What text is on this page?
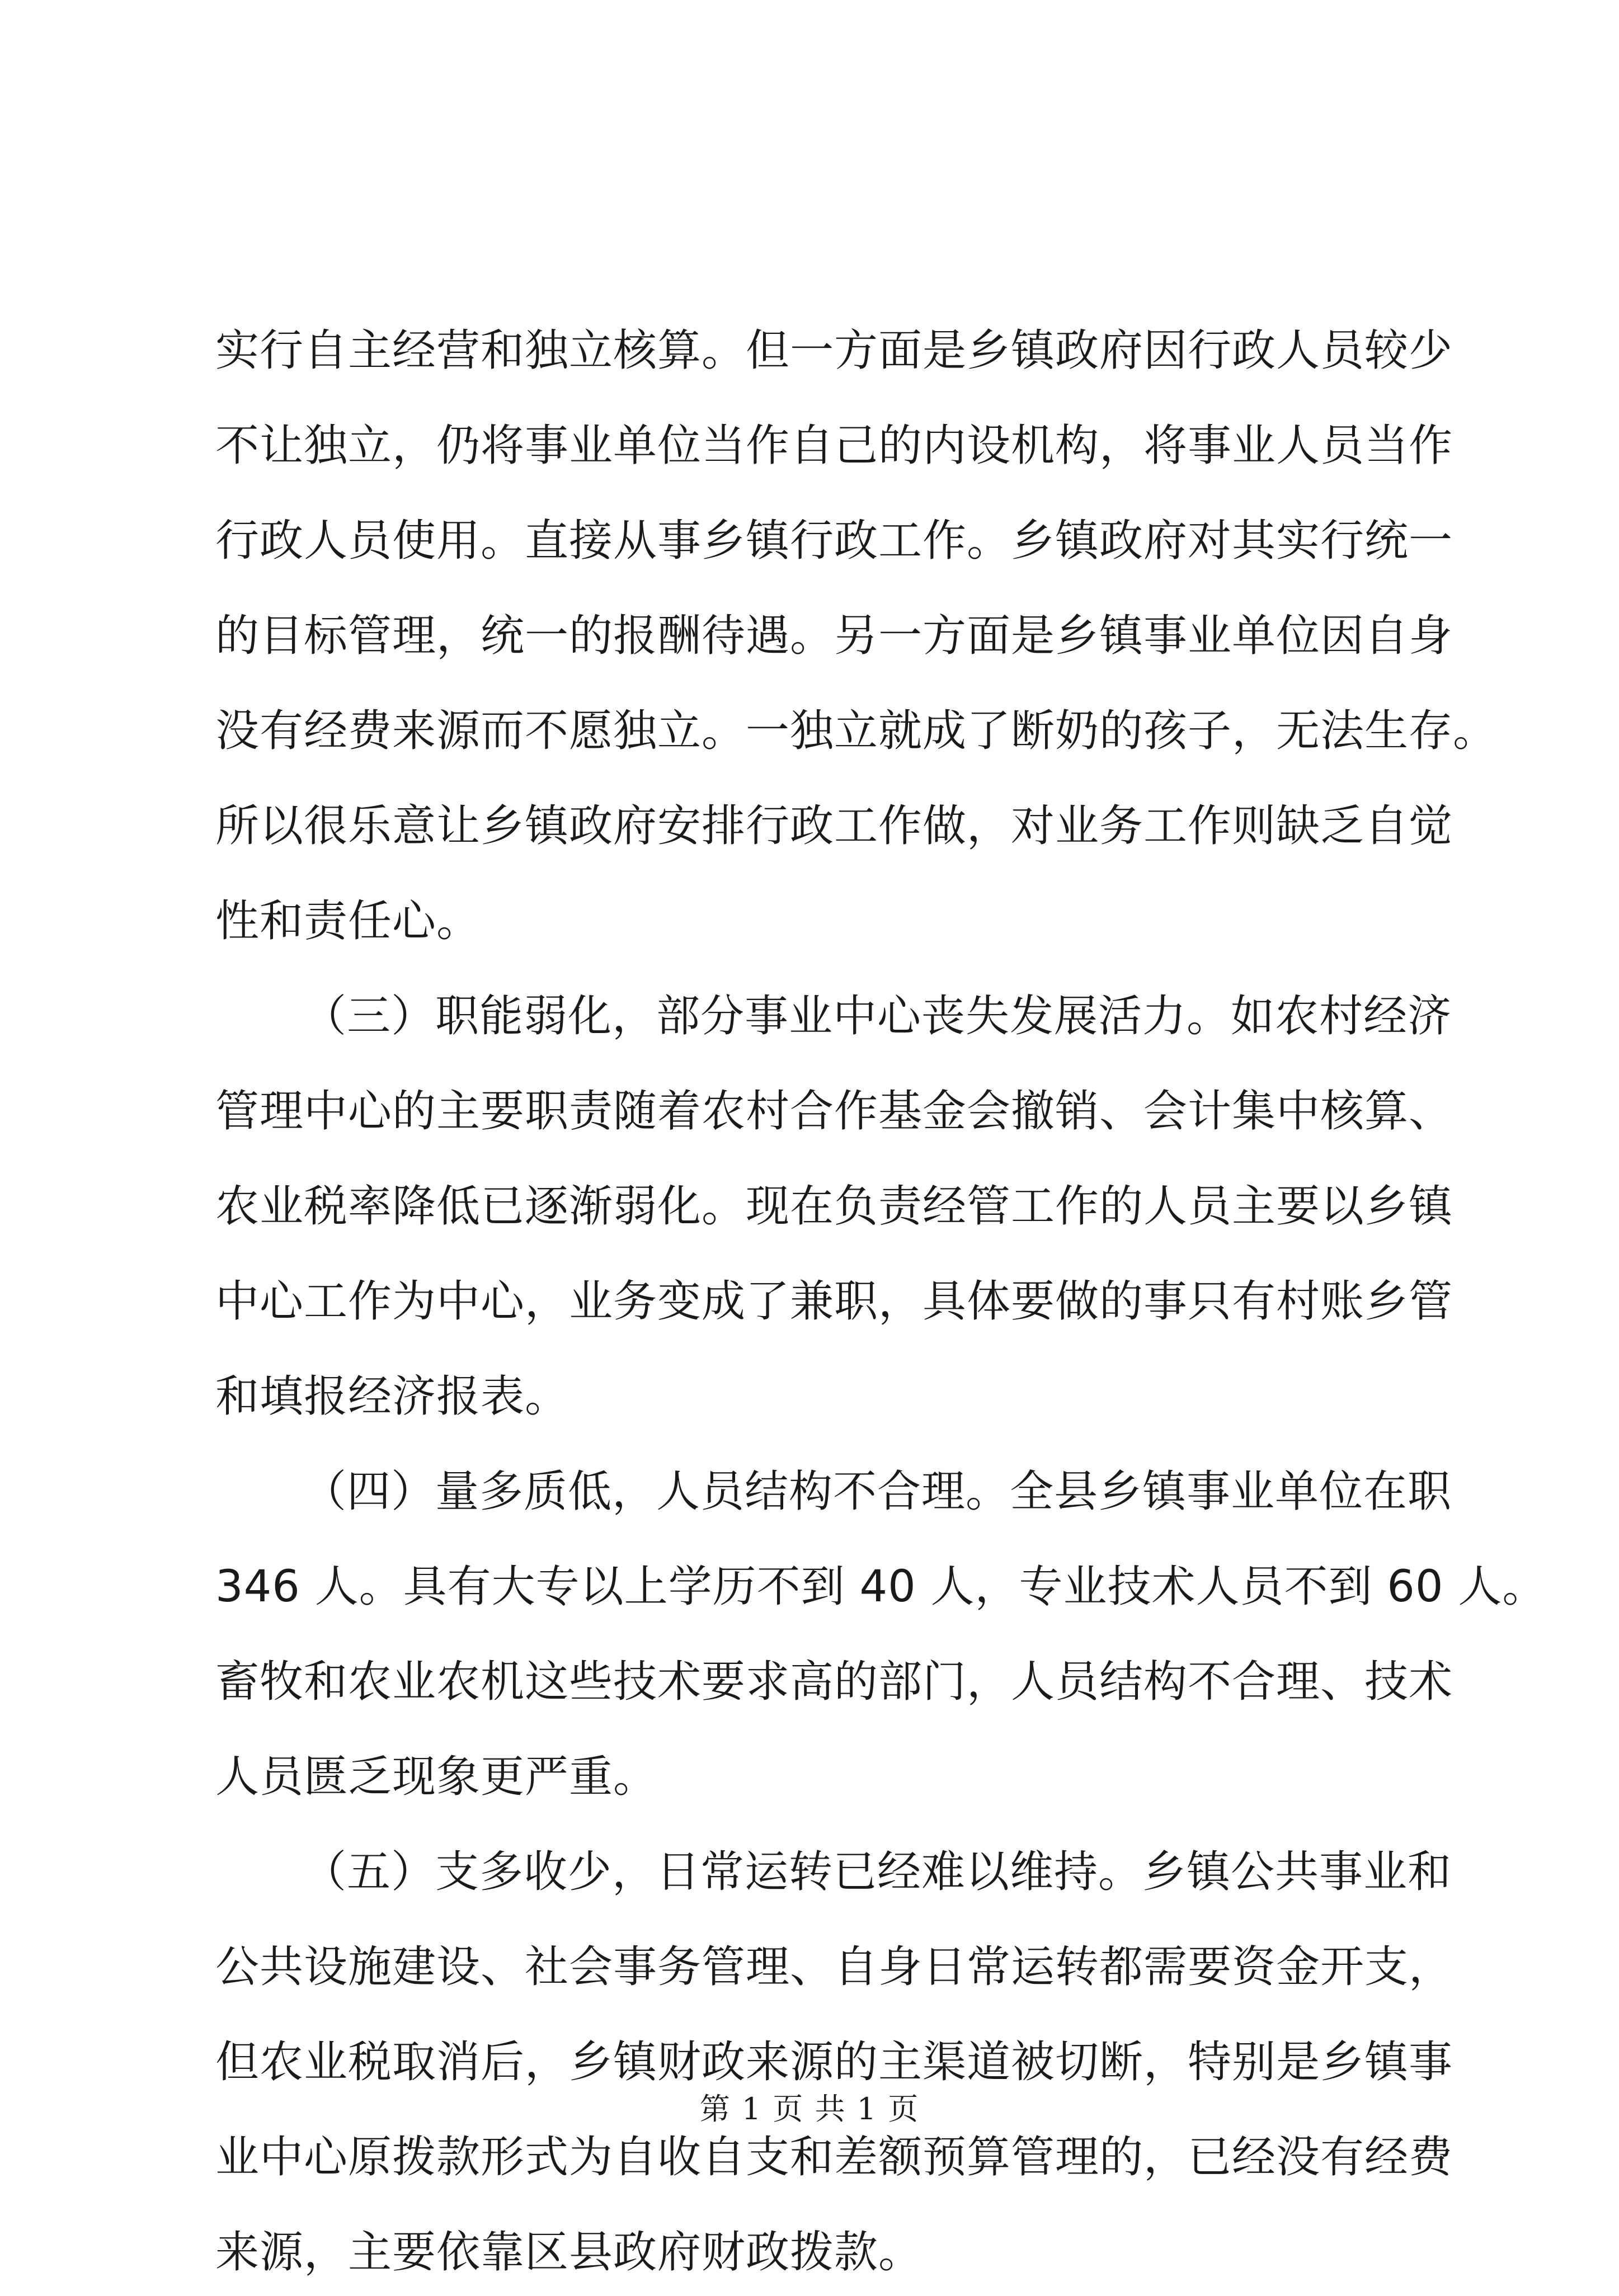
实行自主经营和独立核算。但一方面是乡镇政府因行政人员较少
不让独立，仍将事业单位当作自己的内设机构，将事业人员当作
行政人员使用。直接从事乡镇行政工作。乡镇政府对其实行统一
的目标管理，统一的报酬待遇。另一方面是乡镇事业单位因自身
没有经费来源而不愿独立。一独立就成了断奶的孩子，无法生存。
所以很乐意让乡镇政府安排行政工作做，对业务工作则缺乏自觉
性和责任心。
（三）职能弱化，部分事业中心丧失发展活力。如农村经济
管理中心的主要职责随着农村合作基金会撤销、会计集中核算、
农业税率降低已逐渐弱化。现在负责经管工作的人员主要以乡镇
中心工作为中心，业务变成了兼职，具体要做的事只有村账乡管
和填报经济报表。
（四）量多质低，人员结构不合理。全县乡镇事业单位在职
346 人。具有大专以上学历不到 40 人，专业技术人员不到 60 人。
畜牧和农业农机这些技术要求高的部门，人员结构不合理、技术
人员匮乏现象更严重。
（五）支多收少，日常运转已经难以维持。乡镇公共事业和
公共设施建设、社会事务管理、自身日常运转都需要资金开支，
但农业税取消后，乡镇财政来源的主渠道被切断，特别是乡镇事
业中心原拨款形式为自收自支和差额预算管理的，已经没有经费
来源，主要依靠区县政府财政拨款。
第 1 页 共 1 页
